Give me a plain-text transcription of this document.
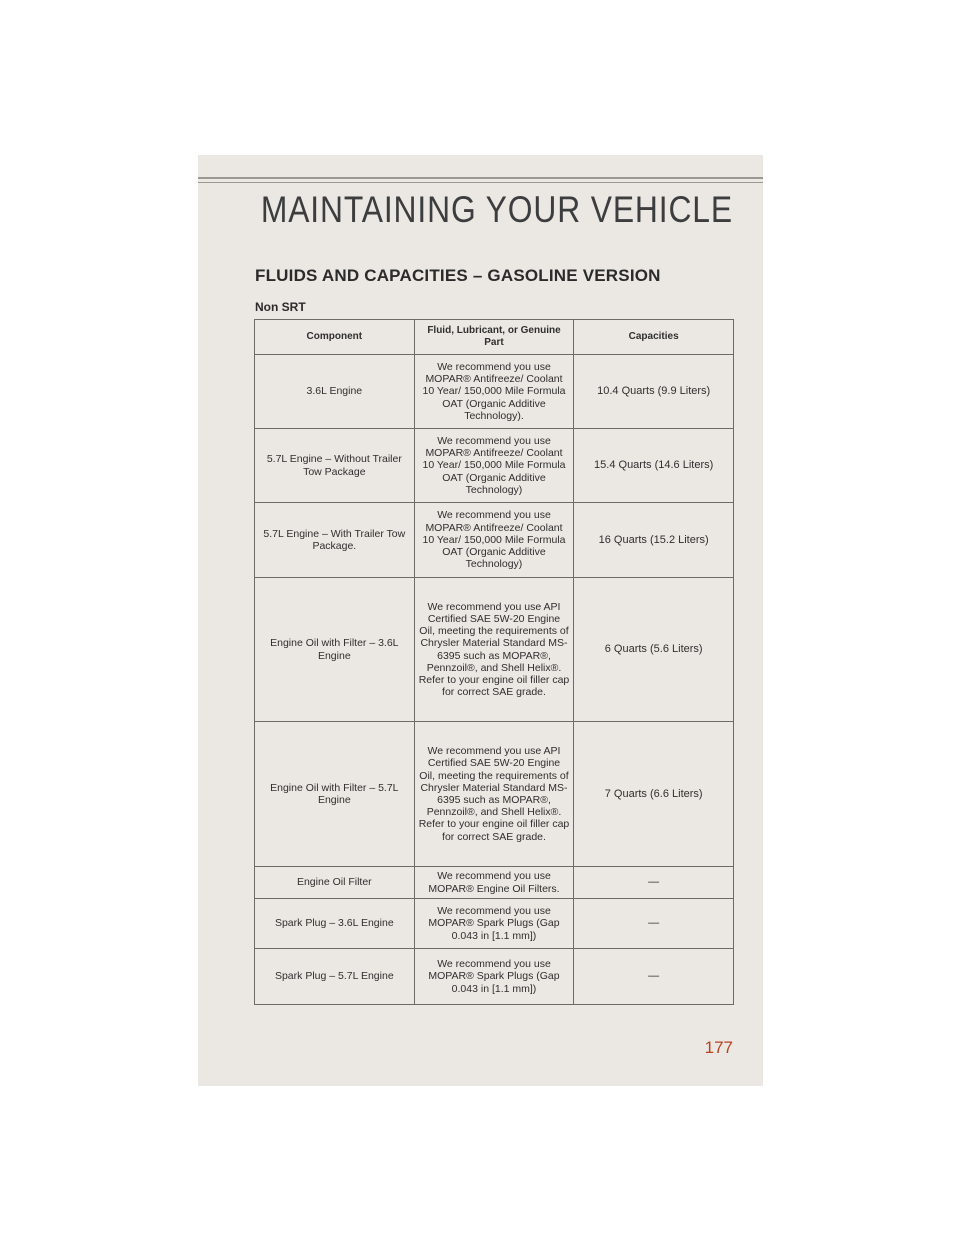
MAINTAINING YOUR VEHICLE
FLUIDS AND CAPACITIES – GASOLINE VERSION
Non SRT
Component	Fluid, Lubricant, or Genuine Part	Capacities
3.6L Engine	We recommend you use MOPAR® Antifreeze/ Coolant 10 Year/ 150,000 Mile Formula OAT (Organic Additive Technology).	10.4 Quarts (9.9 Liters)
5.7L Engine – Without Trailer Tow Package	We recommend you use MOPAR® Antifreeze/ Coolant 10 Year/ 150,000 Mile Formula OAT (Organic Additive Technology)	15.4 Quarts (14.6 Liters)
5.7L Engine – With Trailer Tow Package.	We recommend you use MOPAR® Antifreeze/ Coolant 10 Year/ 150,000 Mile Formula OAT (Organic Additive Technology)	16 Quarts (15.2 Liters)
Engine Oil with Filter – 3.6L Engine	We recommend you use API Certified SAE 5W-20 Engine Oil, meeting the requirements of Chrysler Material Standard MS-6395 such as MOPAR®, Pennzoil®, and Shell Helix®. Refer to your engine oil filler cap for correct SAE grade.	6 Quarts (5.6 Liters)
Engine Oil with Filter – 5.7L Engine	We recommend you use API Certified SAE 5W-20 Engine Oil, meeting the requirements of Chrysler Material Standard MS-6395 such as MOPAR®, Pennzoil®, and Shell Helix®. Refer to your engine oil filler cap for correct SAE grade.	7 Quarts (6.6 Liters)
Engine Oil Filter	We recommend you use MOPAR® Engine Oil Filters.	—
Spark Plug – 3.6L Engine	We recommend you use MOPAR® Spark Plugs (Gap 0.043 in [1.1 mm])	—
Spark Plug – 5.7L Engine	We recommend you use MOPAR® Spark Plugs (Gap 0.043 in [1.1 mm])	—
177
